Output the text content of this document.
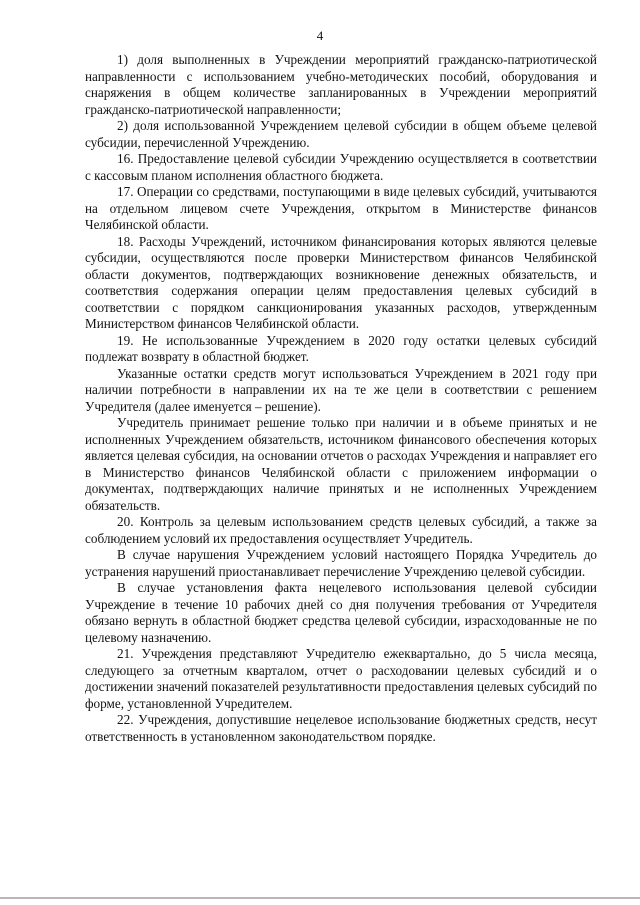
4

1) доля выполненных в Учреждении мероприятий гражданско-патриотической направленности с использованием учебно-методических пособий, оборудования и снаряжения в общем количестве запланированных в Учреждении мероприятий гражданско-патриотической направленности;

2) доля использованной Учреждением целевой субсидии в общем объеме целевой субсидии, перечисленной Учреждению.

16. Предоставление целевой субсидии Учреждению осуществляется в соответствии с кассовым планом исполнения областного бюджета.

17. Операции со средствами, поступающими в виде целевых субсидий, учитываются на отдельном лицевом счете Учреждения, открытом в Министерстве финансов Челябинской области.

18. Расходы Учреждений, источником финансирования которых являются целевые субсидии, осуществляются после проверки Министерством финансов Челябинской области документов, подтверждающих возникновение денежных обязательств, и соответствия содержания операции целям предоставления целевых субсидий в соответствии с порядком санкционирования указанных расходов, утвержденным Министерством финансов Челябинской области.

19. Не использованные Учреждением в 2020 году остатки целевых субсидий подлежат возврату в областной бюджет.

Указанные остатки средств могут использоваться Учреждением в 2021 году при наличии потребности в направлении их на те же цели в соответствии с решением Учредителя (далее именуется – решение).

Учредитель принимает решение только при наличии и в объеме принятых и не исполненных Учреждением обязательств, источником финансового обеспечения которых является целевая субсидия, на основании отчетов о расходах Учреждения и направляет его в Министерство финансов Челябинской области с приложением информации о документах, подтверждающих наличие принятых и не исполненных Учреждением обязательств.

20. Контроль за целевым использованием средств целевых субсидий, а также за соблюдением условий их предоставления осуществляет Учредитель.

В случае нарушения Учреждением условий настоящего Порядка Учредитель до устранения нарушений приостанавливает перечисление Учреждению целевой субсидии.

В случае установления факта нецелевого использования целевой субсидии Учреждение в течение 10 рабочих дней со дня получения требования от Учредителя обязано вернуть в областной бюджет средства целевой субсидии, израсходованные не по целевому назначению.

21. Учреждения представляют Учредителю ежеквартально, до 5 числа месяца, следующего за отчетным кварталом, отчет о расходовании целевых субсидий и о достижении значений показателей результативности предоставления целевых субсидий по форме, установленной Учредителем.

22. Учреждения, допустившие нецелевое использование бюджетных средств, несут ответственность в установленном законодательством порядке.
